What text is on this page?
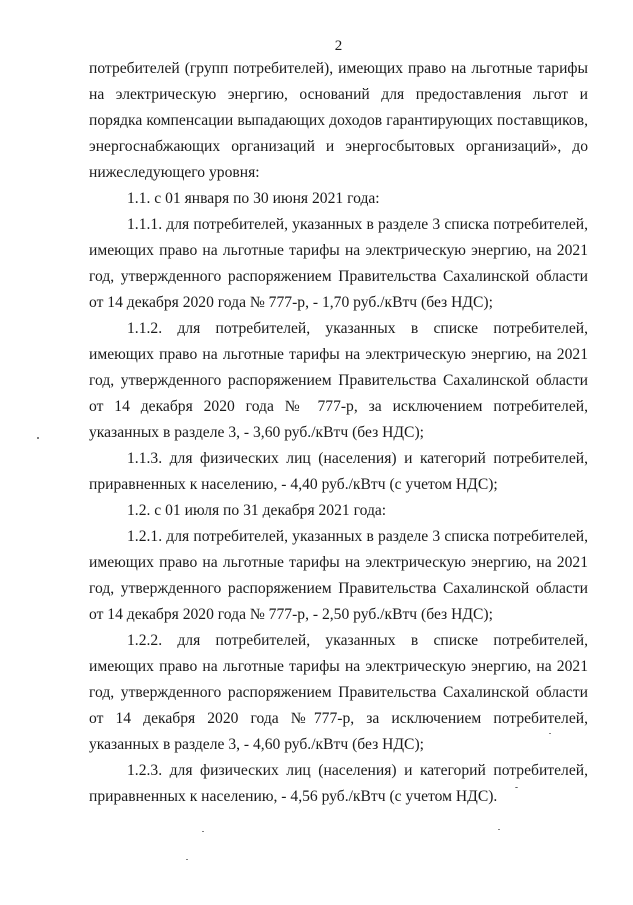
2

потребителей (групп потребителей), имеющих право на льготные тарифы на электрическую энергию, оснований для предоставления льгот и порядка компенсации выпадающих доходов гарантирующих поставщиков, энергоснабжающих организаций и энергосбытовых организаций», до нижеследующего уровня:

1.1. с 01 января по 30 июня 2021 года:

1.1.1. для потребителей, указанных в разделе 3 списка потребителей, имеющих право на льготные тарифы на электрическую энергию, на 2021 год, утвержденного распоряжением Правительства Сахалинской области от 14 декабря 2020 года № 777-р, - 1,70 руб./кВтч (без НДС);

1.1.2. для потребителей, указанных в списке потребителей, имеющих право на льготные тарифы на электрическую энергию, на 2021 год, утвержденного распоряжением Правительства Сахалинской области от 14 декабря 2020 года № 777-р, за исключением потребителей, указанных в разделе 3, - 3,60 руб./кВтч (без НДС);

1.1.3. для физических лиц (населения) и категорий потребителей, приравненных к населению, - 4,40 руб./кВтч (с учетом НДС);

1.2. с 01 июля по 31 декабря 2021 года:

1.2.1. для потребителей, указанных в разделе 3 списка потребителей, имеющих право на льготные тарифы на электрическую энергию, на 2021 год, утвержденного распоряжением Правительства Сахалинской области от 14 декабря 2020 года № 777-р, - 2,50 руб./кВтч (без НДС);

1.2.2. для потребителей, указанных в списке потребителей, имеющих право на льготные тарифы на электрическую энергию, на 2021 год, утвержденного распоряжением Правительства Сахалинской области от 14 декабря 2020 года №777-р, за исключением потребителей, указанных в разделе 3, - 4,60 руб./кВтч (без НДС);

1.2.3. для физических лиц (населения) и категорий потребителей, приравненных к населению, - 4,56 руб./кВтч (с учетом НДС).
